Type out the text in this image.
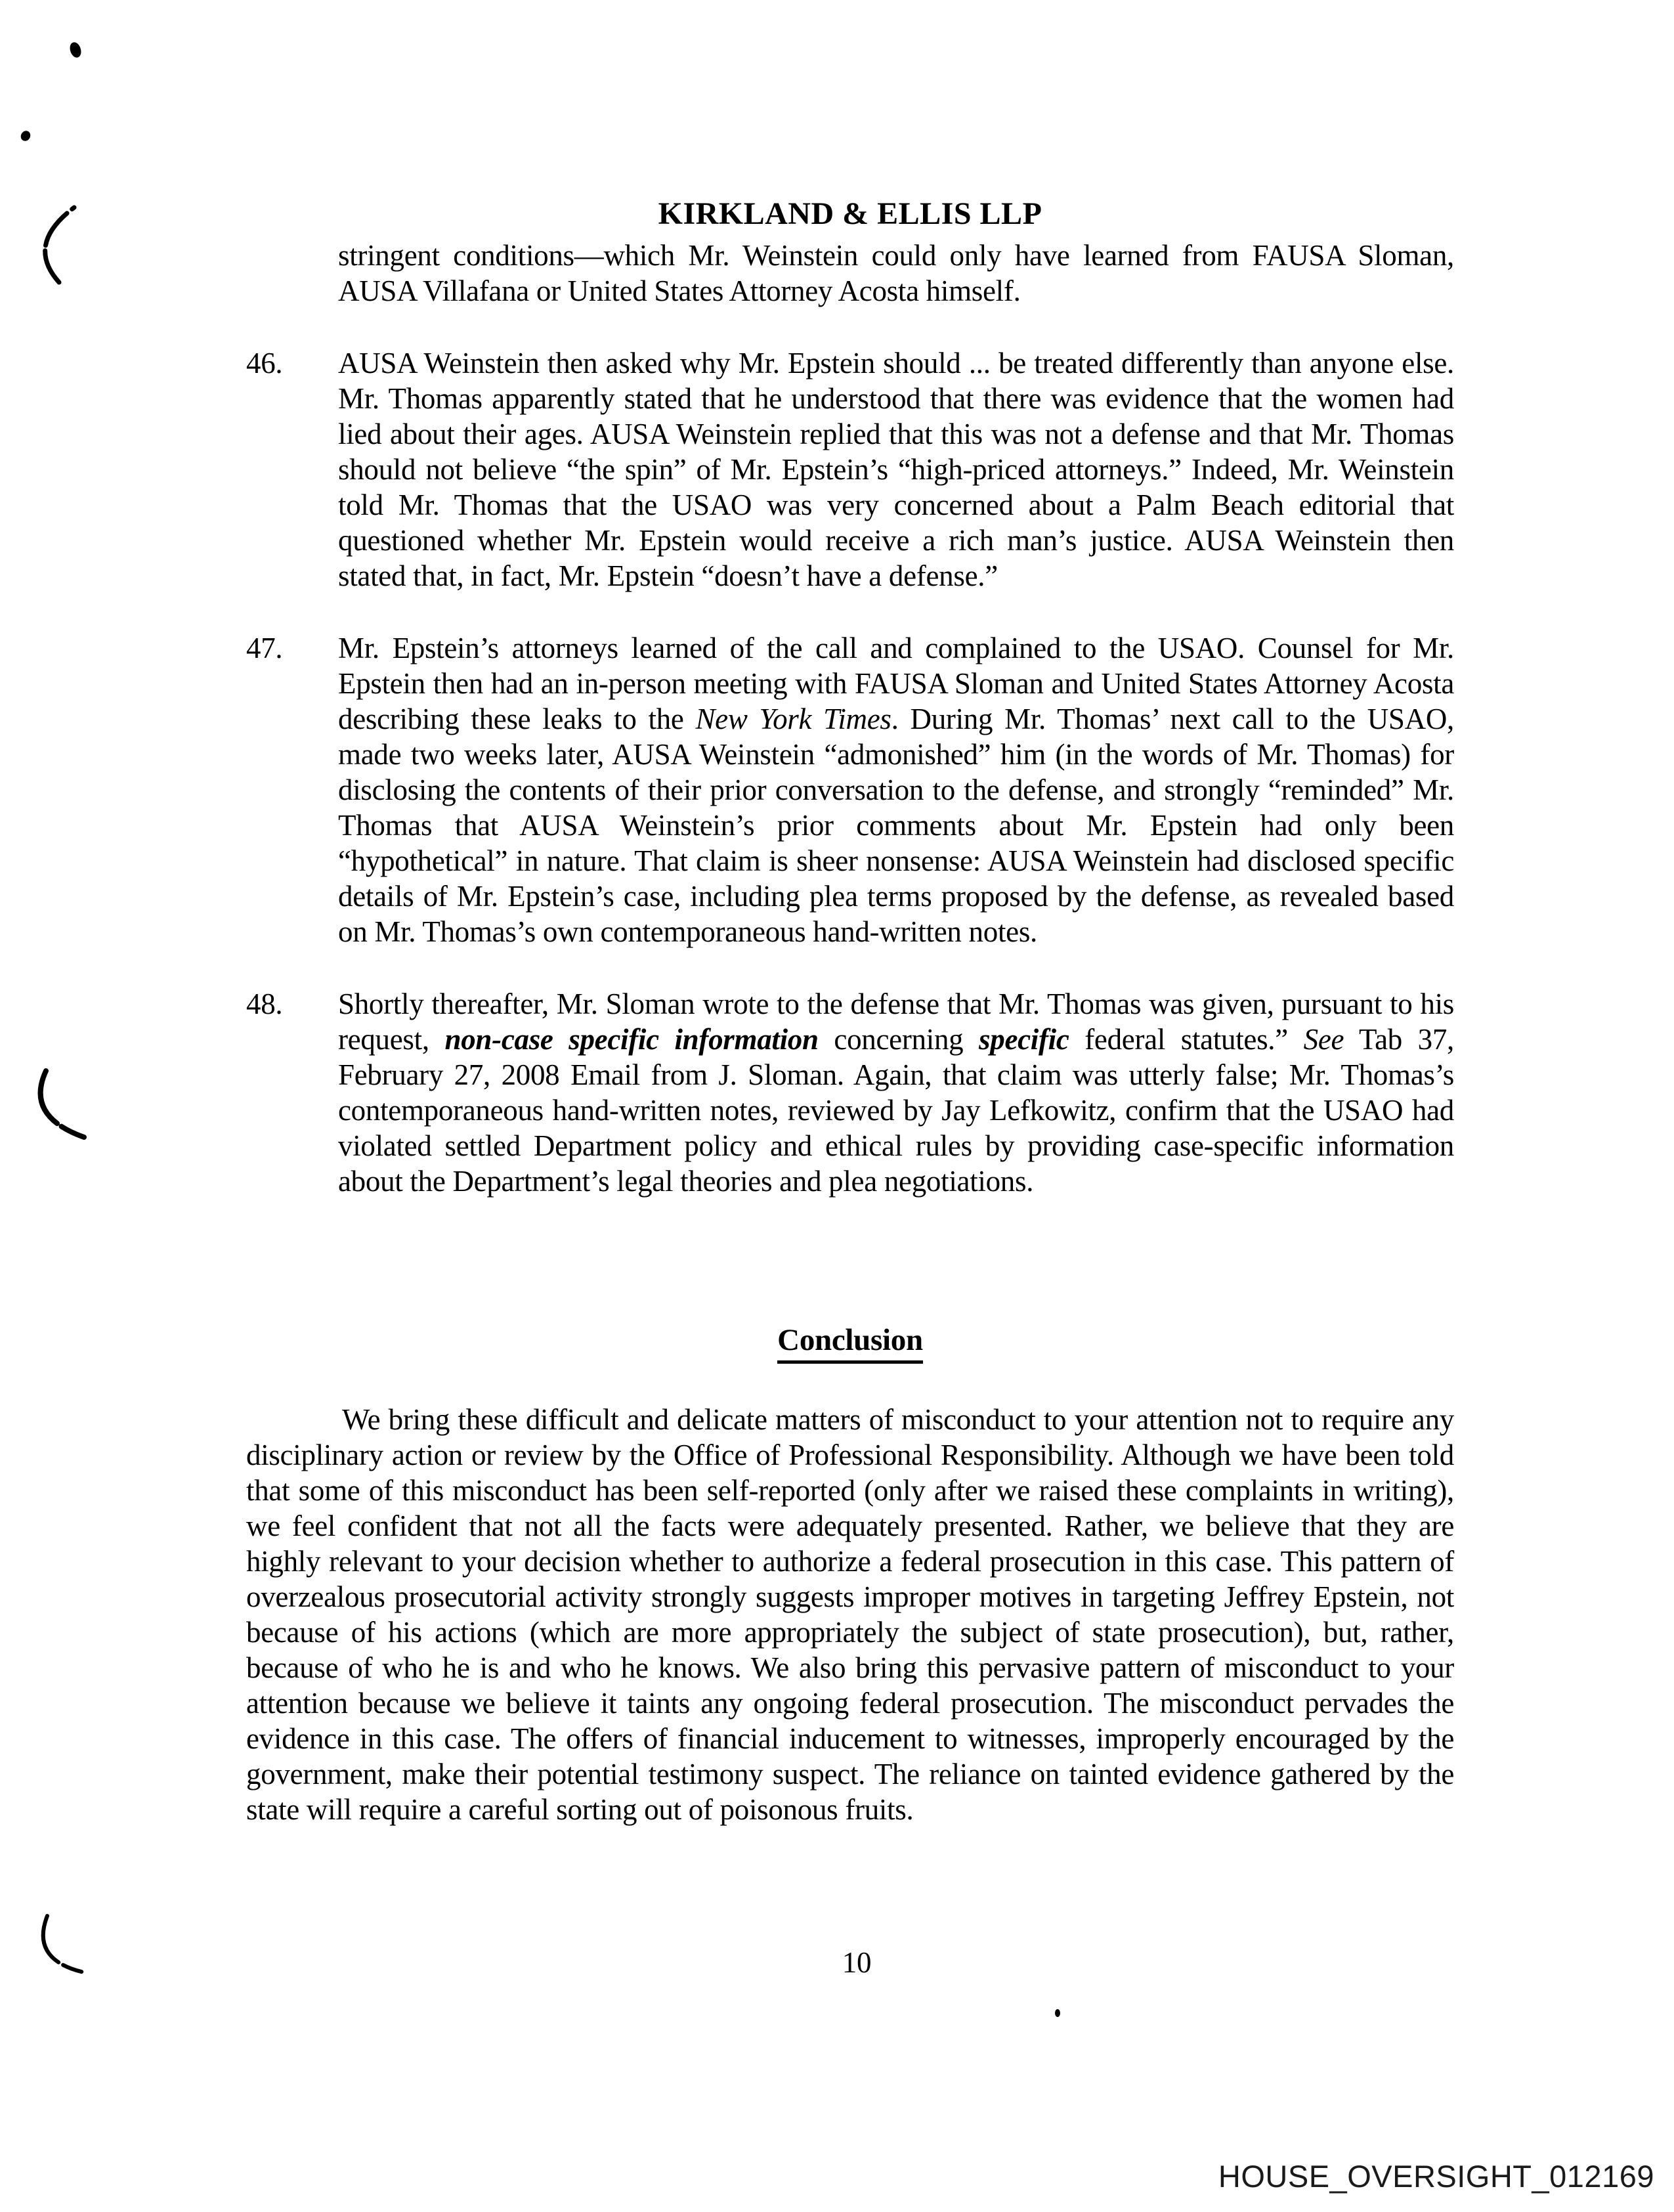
KIRKLAND & ELLIS LLP
stringent conditions—which Mr. Weinstein could only have learned from FAUSA Sloman, AUSA Villafana or United States Attorney Acosta himself.
46.	AUSA Weinstein then asked why Mr. Epstein should ... be treated differently than anyone else. Mr. Thomas apparently stated that he understood that there was evidence that the women had lied about their ages. AUSA Weinstein replied that this was not a defense and that Mr. Thomas should not believe “the spin” of Mr. Epstein’s “high-priced attorneys.” Indeed, Mr. Weinstein told Mr. Thomas that the USAO was very concerned about a Palm Beach editorial that questioned whether Mr. Epstein would receive a rich man’s justice. AUSA Weinstein then stated that, in fact, Mr. Epstein “doesn’t have a defense.”
47.	Mr. Epstein’s attorneys learned of the call and complained to the USAO. Counsel for Mr. Epstein then had an in-person meeting with FAUSA Sloman and United States Attorney Acosta describing these leaks to the New York Times. During Mr. Thomas’ next call to the USAO, made two weeks later, AUSA Weinstein “admonished” him (in the words of Mr. Thomas) for disclosing the contents of their prior conversation to the defense, and strongly “reminded” Mr. Thomas that AUSA Weinstein’s prior comments about Mr. Epstein had only been “hypothetical” in nature. That claim is sheer nonsense: AUSA Weinstein had disclosed specific details of Mr. Epstein’s case, including plea terms proposed by the defense, as revealed based on Mr. Thomas’s own contemporaneous hand-written notes.
48.	Shortly thereafter, Mr. Sloman wrote to the defense that Mr. Thomas was given, pursuant to his request, non-case specific information concerning specific federal statutes.” See Tab 37, February 27, 2008 Email from J. Sloman. Again, that claim was utterly false; Mr. Thomas’s contemporaneous hand-written notes, reviewed by Jay Lefkowitz, confirm that the USAO had violated settled Department policy and ethical rules by providing case-specific information about the Department’s legal theories and plea negotiations.
Conclusion
We bring these difficult and delicate matters of misconduct to your attention not to require any disciplinary action or review by the Office of Professional Responsibility. Although we have been told that some of this misconduct has been self-reported (only after we raised these complaints in writing), we feel confident that not all the facts were adequately presented. Rather, we believe that they are highly relevant to your decision whether to authorize a federal prosecution in this case. This pattern of overzealous prosecutorial activity strongly suggests improper motives in targeting Jeffrey Epstein, not because of his actions (which are more appropriately the subject of state prosecution), but, rather, because of who he is and who he knows. We also bring this pervasive pattern of misconduct to your attention because we believe it taints any ongoing federal prosecution. The misconduct pervades the evidence in this case. The offers of financial inducement to witnesses, improperly encouraged by the government, make their potential testimony suspect. The reliance on tainted evidence gathered by the state will require a careful sorting out of poisonous fruits.
10
HOUSE_OVERSIGHT_012169
